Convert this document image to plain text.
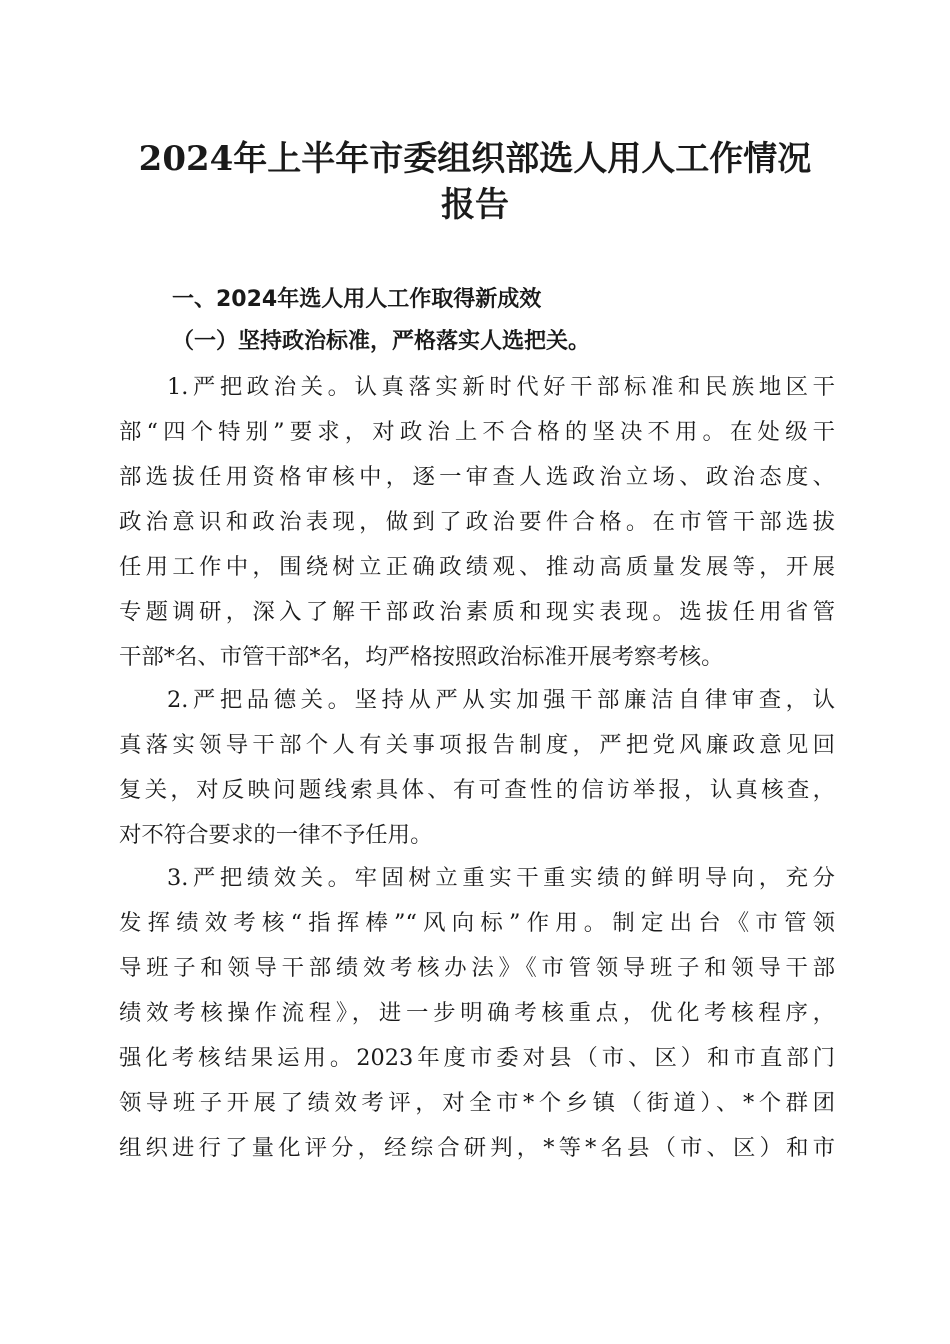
2024年上半年市委组织部选人用人工作情况
报告
一、2024年选人用人工作取得新成效
（一）坚持政治标准，严格落实人选把关。

1.严把政治关。认真落实新时代好干部标准和民族地区干

部“四个特别”要求，对政治上不合格的坚决不用。在处级干

部选拔任用资格审核中，逐一审查人选政治立场、政治态度、

政治意识和政治表现，做到了政治要件合格。在市管干部选拔

任用工作中，围绕树立正确政绩观、推动高质量发展等，开展

专题调研，深入了解干部政治素质和现实表现。选拔任用省管

干部*名、市管干部*名，均严格按照政治标准开展考察考核。

2.严把品德关。坚持从严从实加强干部廉洁自律审查，认

真落实领导干部个人有关事项报告制度，严把党风廉政意见回

复关，对反映问题线索具体、有可查性的信访举报，认真核查，

对不符合要求的一律不予任用。

3.严把绩效关。牢固树立重实干重实绩的鲜明导向，充分

发挥绩效考核“指挥棒”“风向标”作用。制定出台《市管领

导班子和领导干部绩效考核办法》《市管领导班子和领导干部

绩效考核操作流程》，进一步明确考核重点，优化考核程序，

强化考核结果运用。2023年度市委对县（市、区）和市直部门

领导班子开展了绩效考评，对全市*个乡镇（街道）、*个群团

组织进行了量化评分，经综合研判，*等*名县（市、区）和市
